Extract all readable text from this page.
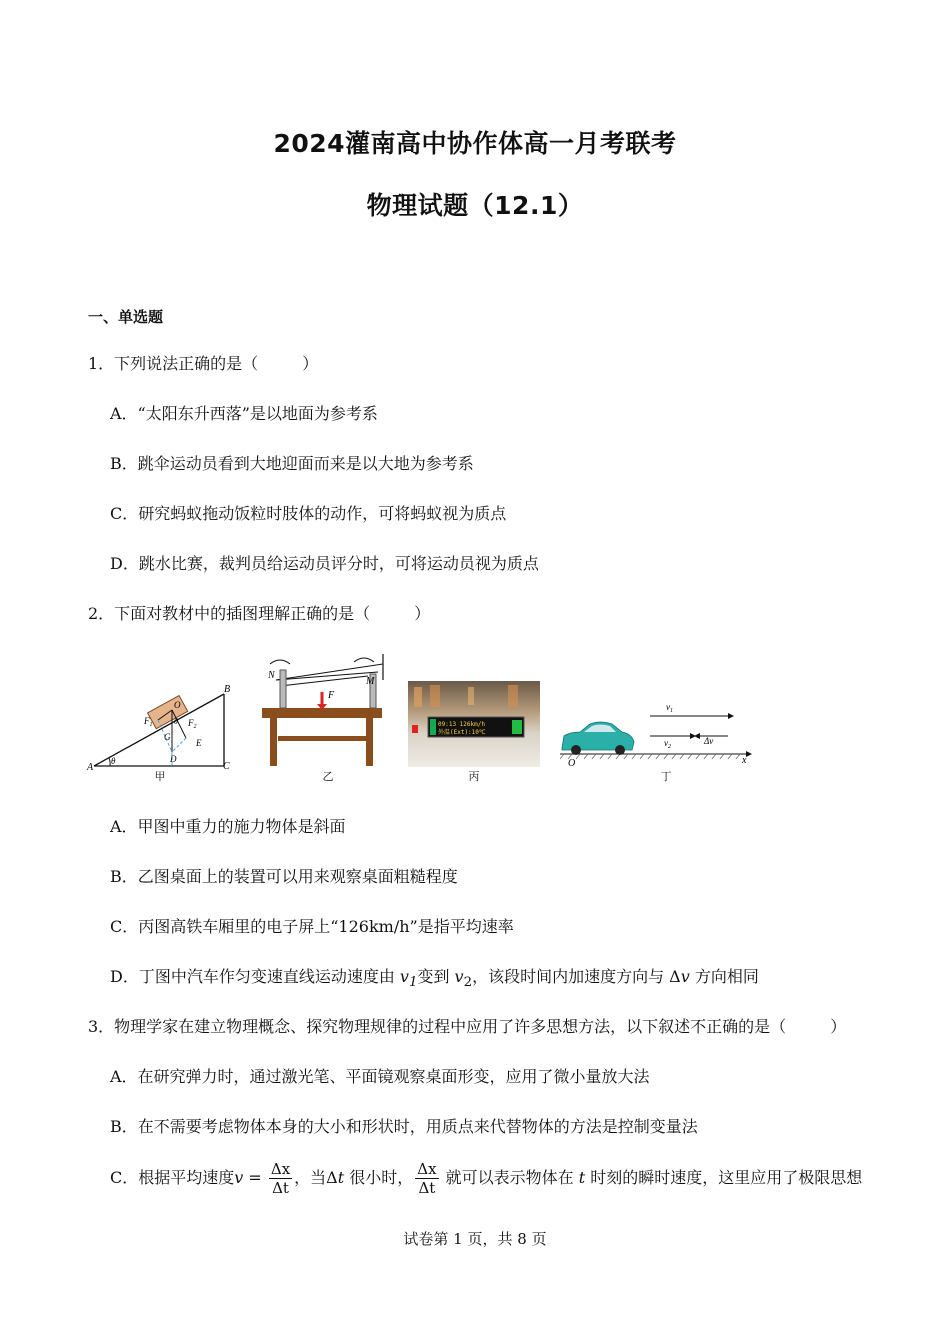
2024灌南高中协作体高一月考联考
物理试题（12.1）
一、单选题
1．下列说法正确的是（	）
A．“太阳东升西落”是以地面为参考系
B．跳伞运动员看到大地迎面而来是以大地为参考系
C．研究蚂蚁拖动饭粒时肢体的动作，可将蚂蚁视为质点
D．跳水比赛，裁判员给运动员评分时，可将运动员视为质点
2．下面对教材中的插图理解正确的是（	）
A
θ
B
C
D
O
θ
$F_1$	$F_2$
G
E
甲
N
M
F
乙
09:13 126km/h
外温(Ext):10℃
丙
O	x
$v_1$
$v_2$
Δv
丁
A．甲图中重力的施力物体是斜面
B．乙图桌面上的装置可以用来观察桌面粗糙程度
C．丙图高铁车厢里的电子屏上“126km/h”是指平均速率
D．丁图中汽车作匀变速直线运动速度由 $v_1$变到 $v_2$，该段时间内加速度方向与 Δv 方向相同
3．物理学家在建立物理概念、探究物理规律的过程中应用了许多思想方法，以下叙述不正确的是（	）
A．在研究弹力时，通过激光笔、平面镜观察桌面形变，应用了微小量放大法
B．在不需要考虑物体本身的大小和形状时，用质点来代替物体的方法是控制变量法
C．根据平均速度$v = \frac{\Delta x}{\Delta t}$ ，当Δt 很小时， $\frac{\Delta x}{\Delta t}$ 就可以表示物体在 t 时刻的瞬时速度，这里应用了极限思想
试卷第 1 页，共 8 页
